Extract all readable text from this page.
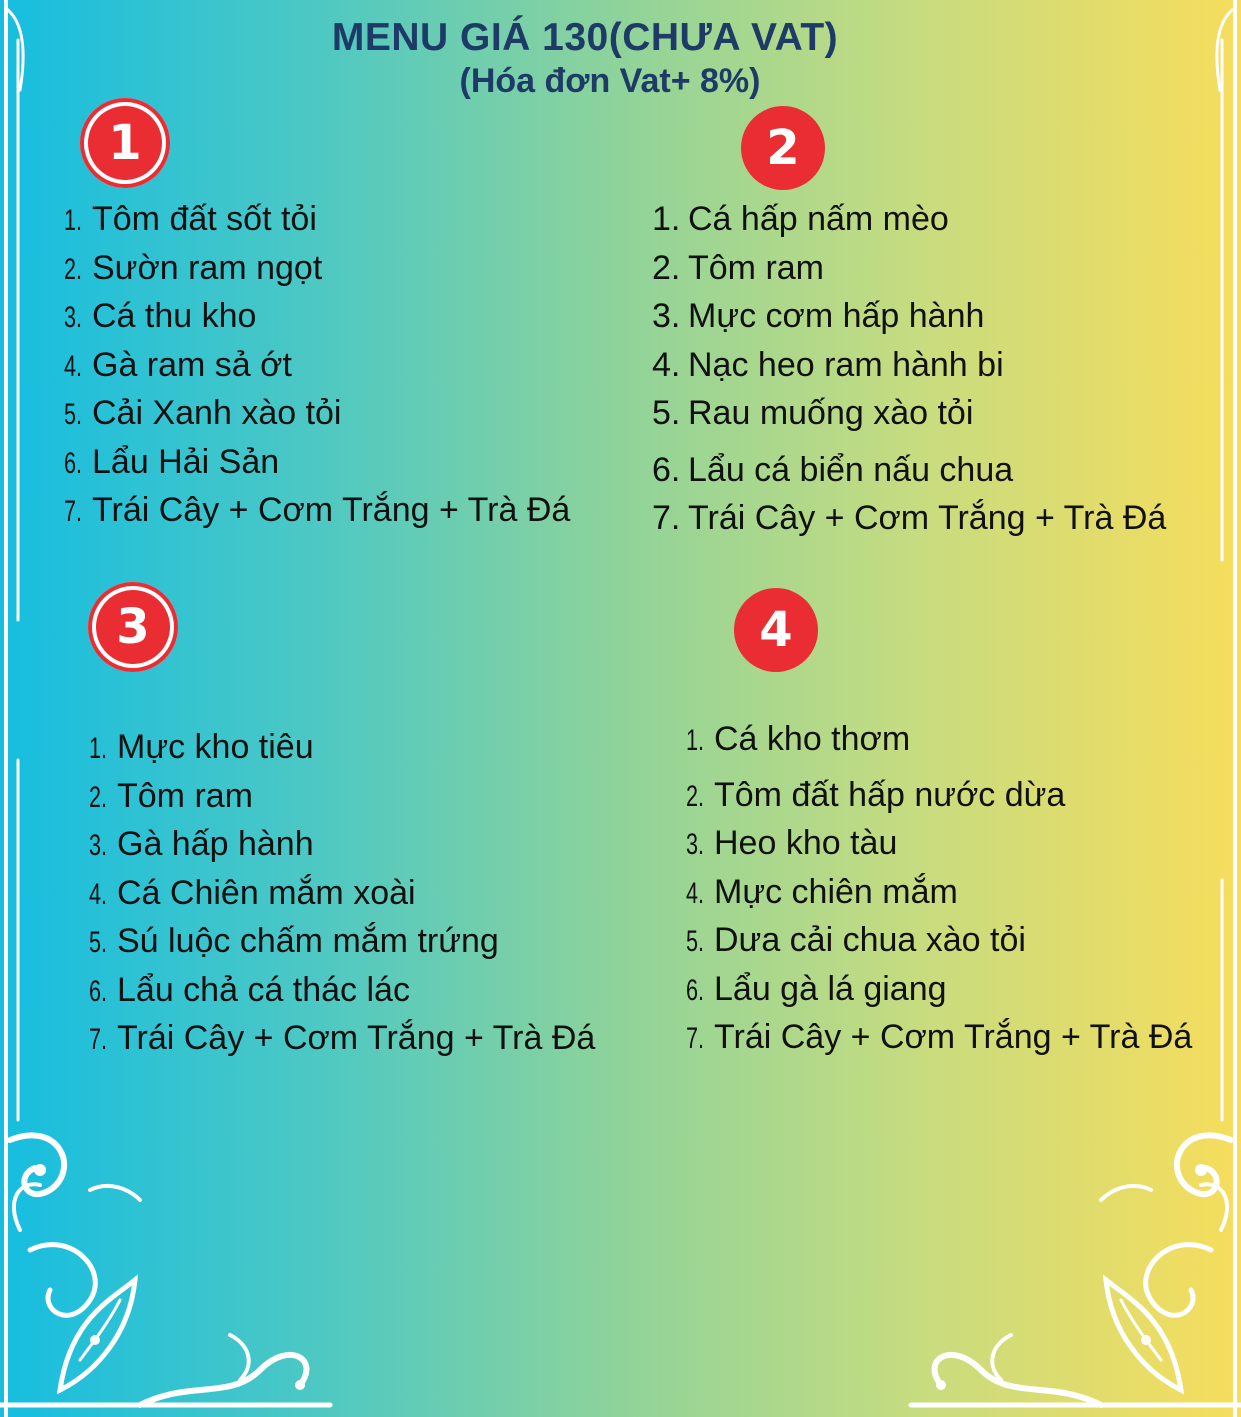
MENU GIÁ 130(CHƯA VAT)
(Hóa đơn Vat+ 8%)
1
1. Tôm đất sốt tỏi
2. Sườn ram ngọt
3. Cá thu kho
4. Gà ram sả ớt
5. Cải Xanh xào tỏi
6. Lẩu Hải Sản
7. Trái Cây + Cơm Trắng + Trà Đá
2
1. Cá hấp nấm mèo
2. Tôm ram
3. Mực cơm hấp hành
4. Nạc heo ram hành bi
5. Rau muống xào tỏi
6. Lẩu cá biển nấu chua
7. Trái Cây + Cơm Trắng + Trà Đá
3
1. Mực kho tiêu
2. Tôm ram
3. Gà hấp hành
4. Cá Chiên mắm xoài
5. Sú luộc chấm mắm trứng
6. Lẩu chả cá thác lác
7. Trái Cây + Cơm Trắng + Trà Đá
4
1. Cá kho thơm
2. Tôm đất hấp nước dừa
3. Heo kho tàu
4. Mực chiên mắm
5. Dưa cải chua xào tỏi
6. Lẩu gà lá giang
7. Trái Cây + Cơm Trắng + Trà Đá
